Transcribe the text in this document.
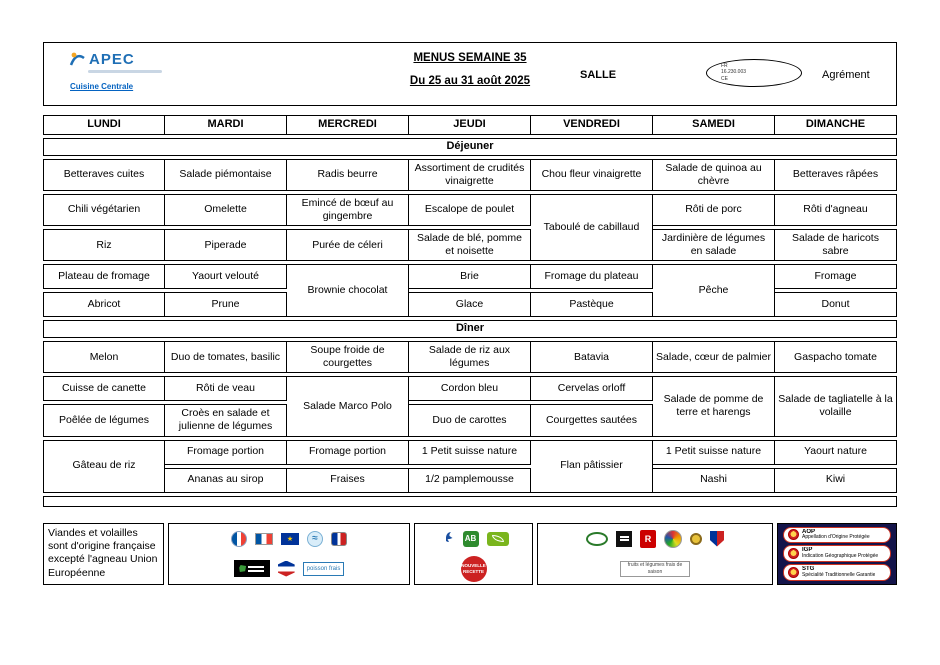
APEC
Cuisine Centrale
MENUS SEMAINE 35
Du 25 au 31 août 2025	SALLE
FR
16.230.003
CE	Agrément
LUNDI	MARDI	MERCREDI	JEUDI	VENDREDI	SAMEDI	DIMANCHE
Déjeuner						
Betteraves cuites	Salade piémontaise	Radis beurre	Assortiment de crudités vinaigrette	Chou fleur vinaigrette	Salade de quinoa au chèvre	Betteraves râpées
Chili végétarien	Omelette	Emincé de bœuf au gingembre	Escalope de poulet	Taboulé de cabillaud	Rôti de porc	Rôti d'agneau
Riz	Piperade	Purée de céleri	Salade de blé, pomme et noisette		Jardinière de légumes en salade	Salade de haricots sabre
Plateau de fromage	Yaourt velouté	Brownie chocolat	Brie	Fromage du plateau	Pêche	Fromage
Abricot	Prune		Glace	Pastèque		Donut
Dîner						
Melon	Duo de tomates, basilic	Soupe froide de courgettes	Salade de riz aux légumes	Batavia	Salade, cœur de palmier	Gaspacho tomate
Cuisse de canette	Rôti de veau	Salade Marco Polo	Cordon bleu	Cervelas orloff	Salade de pomme de terre et harengs	Salade de tagliatelle à la volaille
Poêlée de légumes	Croès en salade et julienne de légumes		Duo de carottes	Courgettes sautées		
Gâteau de riz	Fromage portion	Fromage portion	1 Petit suisse nature	Flan pâtissier	1 Petit suisse nature	Yaourt nature
	Ananas au sirop	Fraises	1/2 pamplemousse		Nashi	Kiwi

Viandes et volailles sont d'origine française excepté l'agneau Union Européenne
★
≈	poisson frais
AB
NOUVELLE RECETTE
R
fruits et légumes frais de saison
AOP
Appellation d'Origine Protégée
IGP
Indication Géographique Protégée
STG
Spécialité Traditionnelle Garantie
